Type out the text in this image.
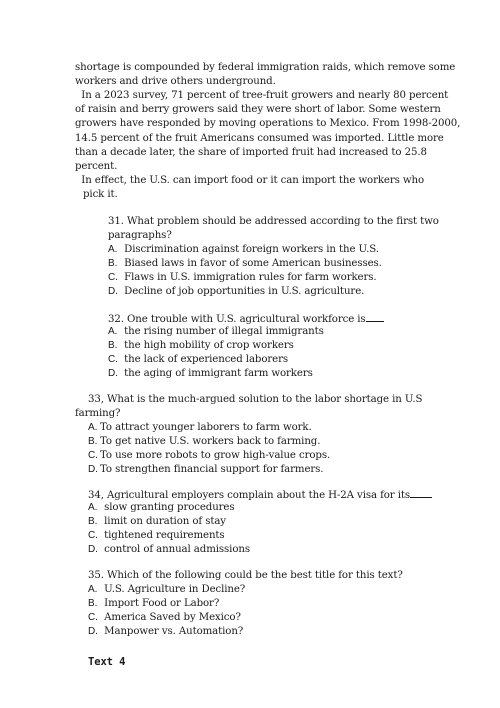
shortage is compounded by federal immigration raids, which remove some
workers and drive others underground.
In a 2023 survey, 71 percent of tree-fruit growers and nearly 80 percent
of raisin and berry growers said they were short of labor. Some western
growers have responded by moving operations to Mexico. From 1998-2000,
14.5 percent of the fruit Americans consumed was imported. Little more
than a decade later, the share of imported fruit had increased to 25.8
percent.
In effect, the U.S. can import food or it can import the workers who
pick it.
31. What problem should be addressed according to the first two
paragraphs?
A. Discrimination against foreign workers in the U.S.
B. Biased laws in favor of some American businesses.
C. Flaws in U.S. immigration rules for farm workers.
D. Decline of job opportunities in U.S. agriculture.
32. One trouble with U.S. agricultural workforce is
A. the rising number of illegal immigrants
B. the high mobility of crop workers
C. the lack of experienced laborers
D. the aging of immigrant farm workers
33, What is the much-argued solution to the labor shortage in U.S
farming?
A. To attract younger laborers to farm work.
B. To get native U.S. workers back to farming.
C. To use more robots to grow high-value crops.
D. To strengthen financial support for farmers.
34, Agricultural employers complain about the H-2A visa for its
A. slow granting procedures
B. limit on duration of stay
C. tightened requirements
D. control of annual admissions
35. Which of the following could be the best title for this text?
A. U.S. Agriculture in Decline?
B. Import Food or Labor?
C. America Saved by Mexico?
D. Manpower vs. Automation?
Text 4
